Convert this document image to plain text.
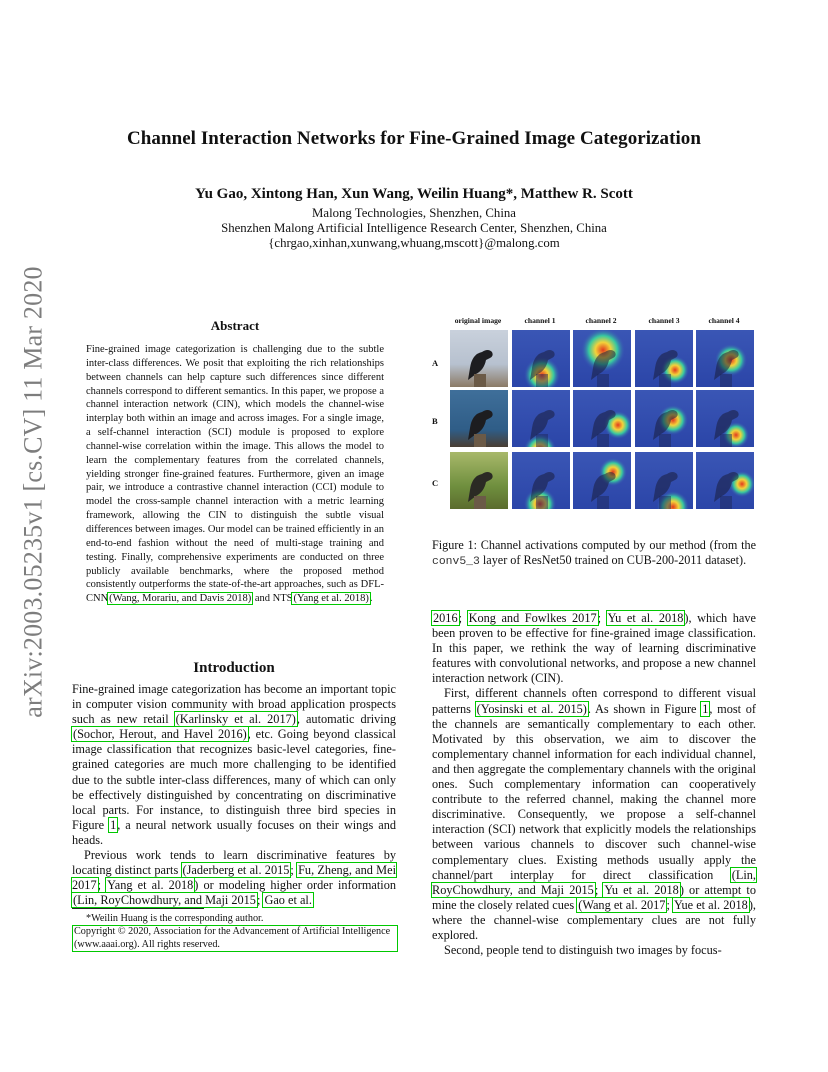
arXiv:2003.05235v1 [cs.CV] 11 Mar 2020
Channel Interaction Networks for Fine-Grained Image Categorization
Yu Gao, Xintong Han, Xun Wang, Weilin Huang*, Matthew R. Scott
Malong Technologies, Shenzhen, China
Shenzhen Malong Artificial Intelligence Research Center, Shenzhen, China
{chrgao,xinhan,xunwang,whuang,mscott}@malong.com
Abstract
Fine-grained image categorization is challenging due to the subtle inter-class differences. We posit that exploiting the rich relationships between channels can help capture such differences since different channels correspond to different semantics. In this paper, we propose a channel interaction network (CIN), which models the channel-wise interplay both within an image and across images. For a single image, a self-channel interaction (SCI) module is proposed to explore channel-wise correlation within the image. This allows the model to learn the complementary features from the correlated channels, yielding stronger fine-grained features. Furthermore, given an image pair, we introduce a contrastive channel interaction (CCI) module to model the cross-sample channel interaction with a metric learning framework, allowing the CIN to distinguish the subtle visual differences between images. Our model can be trained efficiently in an end-to-end fashion without the need of multi-stage training and testing. Finally, comprehensive experiments are conducted on three publicly available benchmarks, where the proposed method consistently outperforms the state-of-the-art approaches, such as DFL-CNN(Wang, Morariu, and Davis 2018) and NTS(Yang et al. 2018).
Introduction

Fine-grained image categorization has become an important topic in computer vision community with broad application prospects such as new retail (Karlinsky et al. 2017), automatic driving (Sochor, Herout, and Havel 2016), etc. Going beyond classical image classification that recognizes basic-level categories, fine-grained categories are much more challenging to be identified due to the subtle inter-class differences, many of which can only be effectively distinguished by concentrating on discriminative local parts. For instance, to distinguish three bird species in Figure 1, a neural network usually focuses on their wings and heads.

Previous work tends to learn discriminative features by locating distinct parts (Jaderberg et al. 2015; Fu, Zheng, and Mei 2017; Yang et al. 2018) or modeling higher order information (Lin, RoyChowdhury, and Maji 2015; Gao et al.

*Weilin Huang is the corresponding author.
Copyright © 2020, Association for the Advancement of Artificial Intelligence (www.aaai.org). All rights reserved.
original image	channel 1	channel 2	channel 3	channel 4
A
B
C
Figure 1: Channel activations computed by our method (from the conv5_3 layer of ResNet50 trained on CUB-200-2011 dataset).

2016; Kong and Fowlkes 2017; Yu et al. 2018), which have been proven to be effective for fine-grained image classification. In this paper, we rethink the way of learning discriminative features with convolutional networks, and propose a new channel interaction network (CIN).

First, different channels often correspond to different visual patterns (Yosinski et al. 2015). As shown in Figure 1, most of the channels are semantically complementary to each other. Motivated by this observation, we aim to discover the complementary channel information for each individual channel, and then aggregate the complementary channels with the original ones. Such complementary information can cooperatively contribute to the referred channel, making the channel more discriminative. Consequently, we propose a self-channel interaction (SCI) network that explicitly models the relationships between various channels to discover such channel-wise complementary clues. Existing methods usually apply the channel/part interplay for direct classification (Lin, RoyChowdhury, and Maji 2015; Yu et al. 2018) or attempt to mine the closely related cues (Wang et al. 2017; Yue et al. 2018), where the channel-wise complementary clues are not fully explored.

Second, people tend to distinguish two images by focus-
